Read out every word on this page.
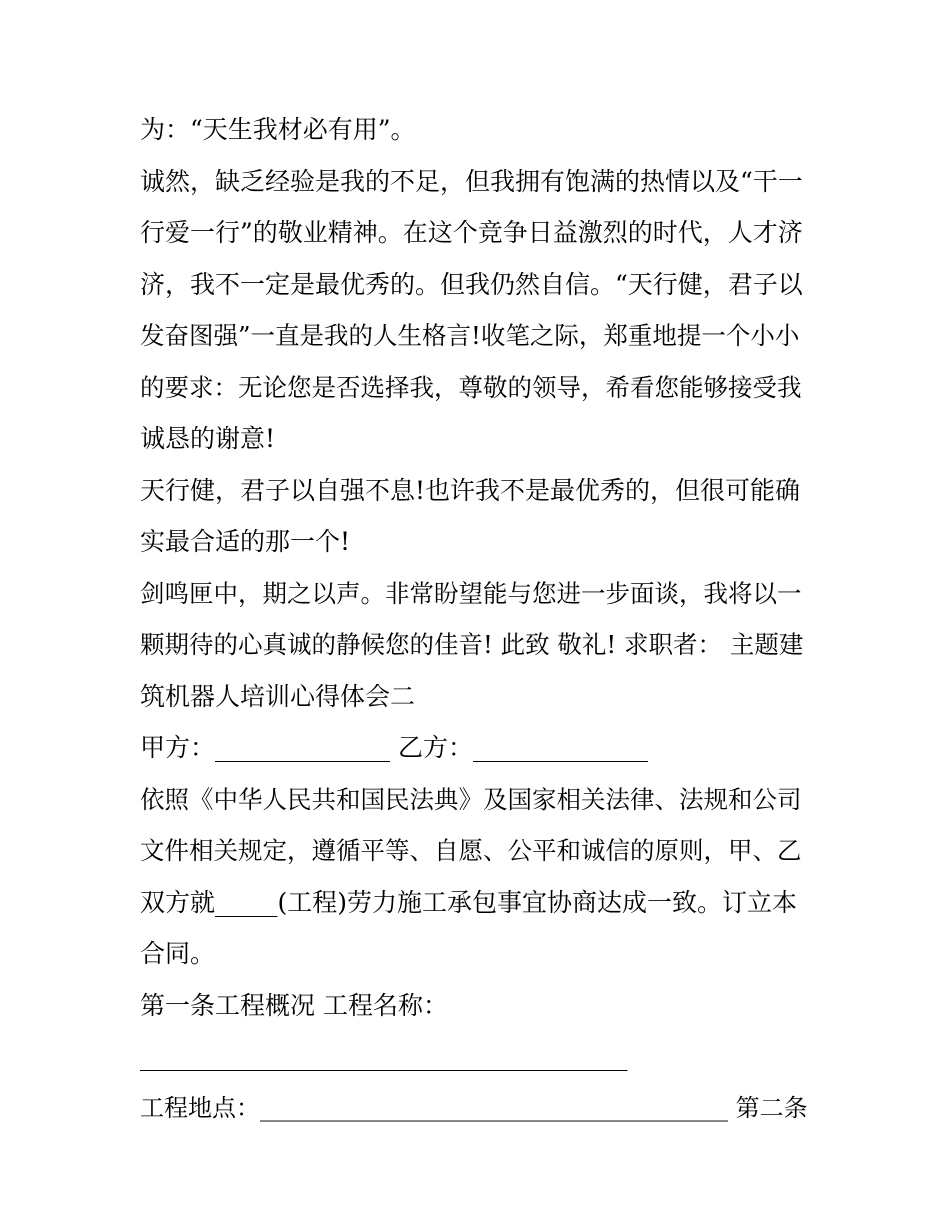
为：“天生我材必有用”。
诚然，缺乏经验是我的不足，但我拥有饱满的热情以及“干一
行爱一行”的敬业精神。在这个竞争日益激烈的时代，人才济
济，我不一定是最优秀的。但我仍然自信。“天行健，君子以
发奋图强”一直是我的人生格言!收笔之际，郑重地提一个小小
的要求：无论您是否选择我，尊敬的领导，希看您能够接受我
诚恳的谢意!
天行健，君子以自强不息!也许我不是最优秀的，但很可能确
实最合适的那一个!
剑鸣匣中，期之以声。非常盼望能与您进一步面谈，我将以一
颗期待的心真诚的静候您的佳音! 此致 敬礼! 求职者： 主题建
筑机器人培训心得体会二
甲方：______________ 乙方：______________
依照《中华人民共和国民法典》及国家相关法律、法规和公司
文件相关规定，遵循平等、自愿、公平和诚信的原则，甲、乙
双方就_____(工程)劳力施工承包事宜协商达成一致。订立本
合同。
第一条工程概况 工程名称：
_______________________________________
工程地点：_______________________________________ 第二条
